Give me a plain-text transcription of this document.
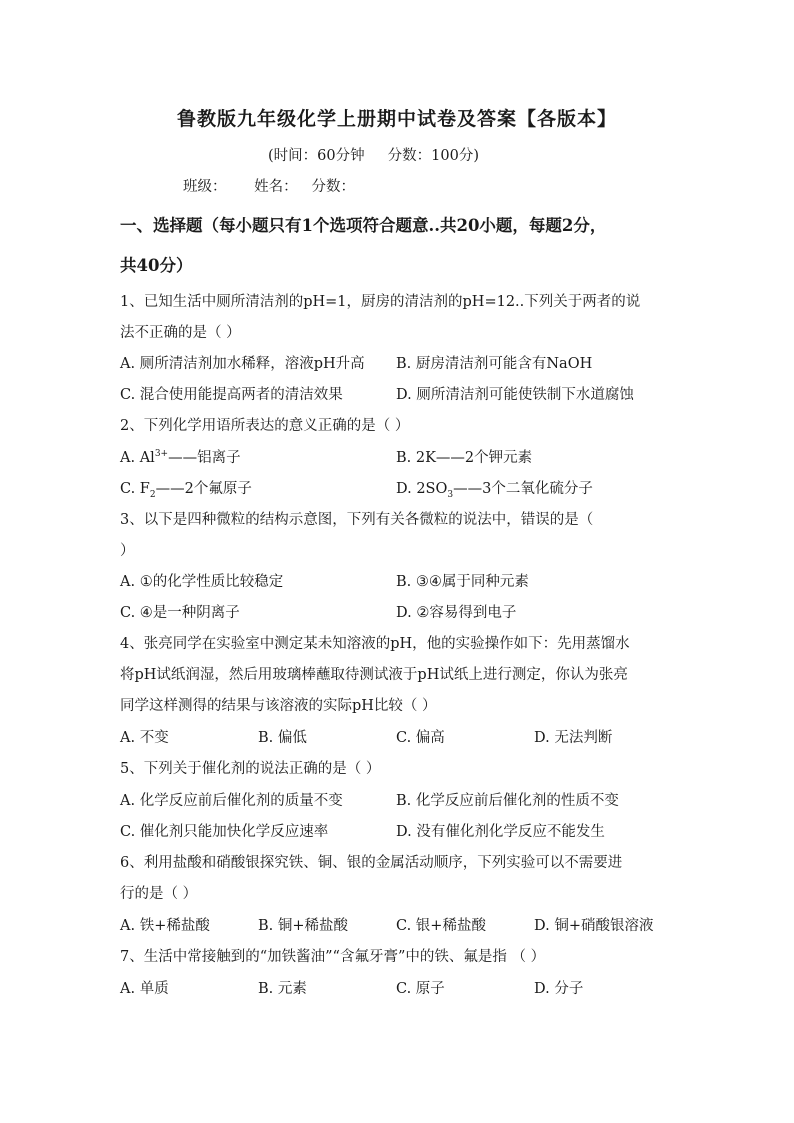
鲁教版九年级化学上册期中试卷及答案【各版本】
(时间：60分钟     分数：100分)
班级：      姓名：   分数：
一、选择题（每小题只有1个选项符合题意..共20小题，每题2分，
共40分）
1、已知生活中厕所清洁剂的pH=1，厨房的清洁剂的pH=12..下列关于两者的说
法不正确的是（ ）
A. 厕所清洁剂加水稀释，溶液pH升高 B. 厨房清洁剂可能含有NaOH
C. 混合使用能提高两者的清洁效果	D. 厕所清洁剂可能使铁制下水道腐蚀
2、下列化学用语所表达的意义正确的是（ ）
A. $Al^{3+}——$铝离子	B. 2K——2个钾元素
C. $F_2——2$个氟原子	D. $2SO_3——3$个二氧化硫分子
3、以下是四种微粒的结构示意图，下列有关各微粒的说法中，错误的是（
）
A. ①的化学性质比较稳定	B. ③④属于同种元素
C. ④是一种阴离子	D. ②容易得到电子
4、张亮同学在实验室中测定某未知溶液的pH，他的实验操作如下：先用蒸馏水
将pH试纸润湿，然后用玻璃棒蘸取待测试液于pH试纸上进行测定，你认为张亮
同学这样测得的结果与该溶液的实际pH比较（ ）
A. 不变	B. 偏低	C. 偏高	D. 无法判断
5、下列关于催化剂的说法正确的是（ ）
A. 化学反应前后催化剂的质量不变	B. 化学反应前后催化剂的性质不变
C. 催化剂只能加快化学反应速率	D. 没有催化剂化学反应不能发生
6、利用盐酸和硝酸银探究铁、铜、银的金属活动顺序，下列实验可以不需要进
行的是（ ）
A. 铁+稀盐酸	B. 铜+稀盐酸	C. 银+稀盐酸	D. 铜+硝酸银溶液
7、生活中常接触到的“加铁酱油”“含氟牙膏”中的铁、氟是指 （ ）
A. 单质	B. 元素	C. 原子	D. 分子
